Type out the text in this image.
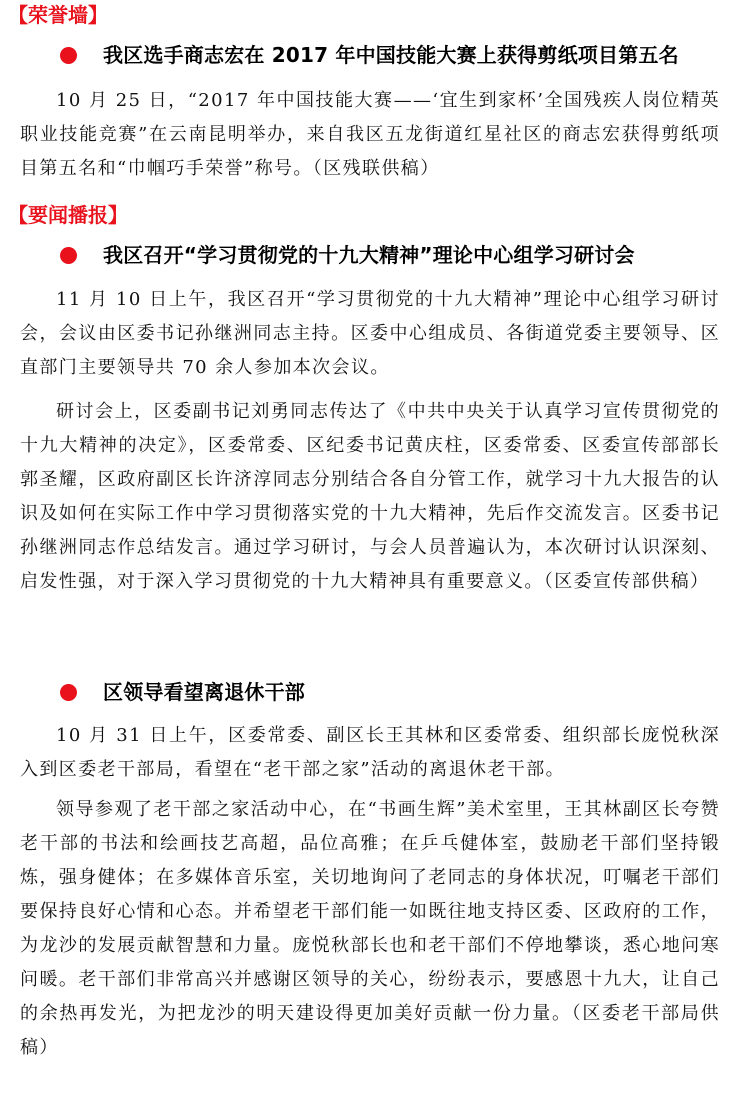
【荣誉墙】
我区选手商志宏在 2017 年中国技能大赛上获得剪纸项目第五名

10 月 25 日，“2017 年中国技能大赛——‘宜生到家杯’全国残疾人岗位精英职业技能竞赛”在云南昆明举办，来自我区五龙街道红星社区的商志宏获得剪纸项目第五名和“巾帼巧手荣誉”称号。（区残联供稿）

【要闻播报】
我区召开“学习贯彻党的十九大精神”理论中心组学习研讨会

11 月 10 日上午，我区召开“学习贯彻党的十九大精神”理论中心组学习研讨会，会议由区委书记孙继洲同志主持。区委中心组成员、各街道党委主要领导、区直部门主要领导共 70 余人参加本次会议。

研讨会上，区委副书记刘勇同志传达了《中共中央关于认真学习宣传贯彻党的十九大精神的决定》，区委常委、区纪委书记黄庆柱，区委常委、区委宣传部部长郭圣耀，区政府副区长许济淳同志分别结合各自分管工作，就学习十九大报告的认识及如何在实际工作中学习贯彻落实党的十九大精神，先后作交流发言。区委书记孙继洲同志作总结发言。通过学习研讨，与会人员普遍认为，本次研讨认识深刻、启发性强，对于深入学习贯彻党的十九大精神具有重要意义。（区委宣传部供稿）

区领导看望离退休干部

10 月 31 日上午，区委常委、副区长王其林和区委常委、组织部长庞悦秋深入到区委老干部局，看望在“老干部之家”活动的离退休老干部。

领导参观了老干部之家活动中心，在“书画生辉”美术室里，王其林副区长夸赞老干部的书法和绘画技艺高超，品位高雅；在乒乓健体室，鼓励老干部们坚持锻炼，强身健体；在多媒体音乐室，关切地询问了老同志的身体状况，叮嘱老干部们要保持良好心情和心态。并希望老干部们能一如既往地支持区委、区政府的工作，为龙沙的发展贡献智慧和力量。庞悦秋部长也和老干部们不停地攀谈，悉心地问寒问暖。老干部们非常高兴并感谢区领导的关心，纷纷表示，要感恩十九大，让自己的余热再发光，为把龙沙的明天建设得更加美好贡献一份力量。（区委老干部局供稿）
